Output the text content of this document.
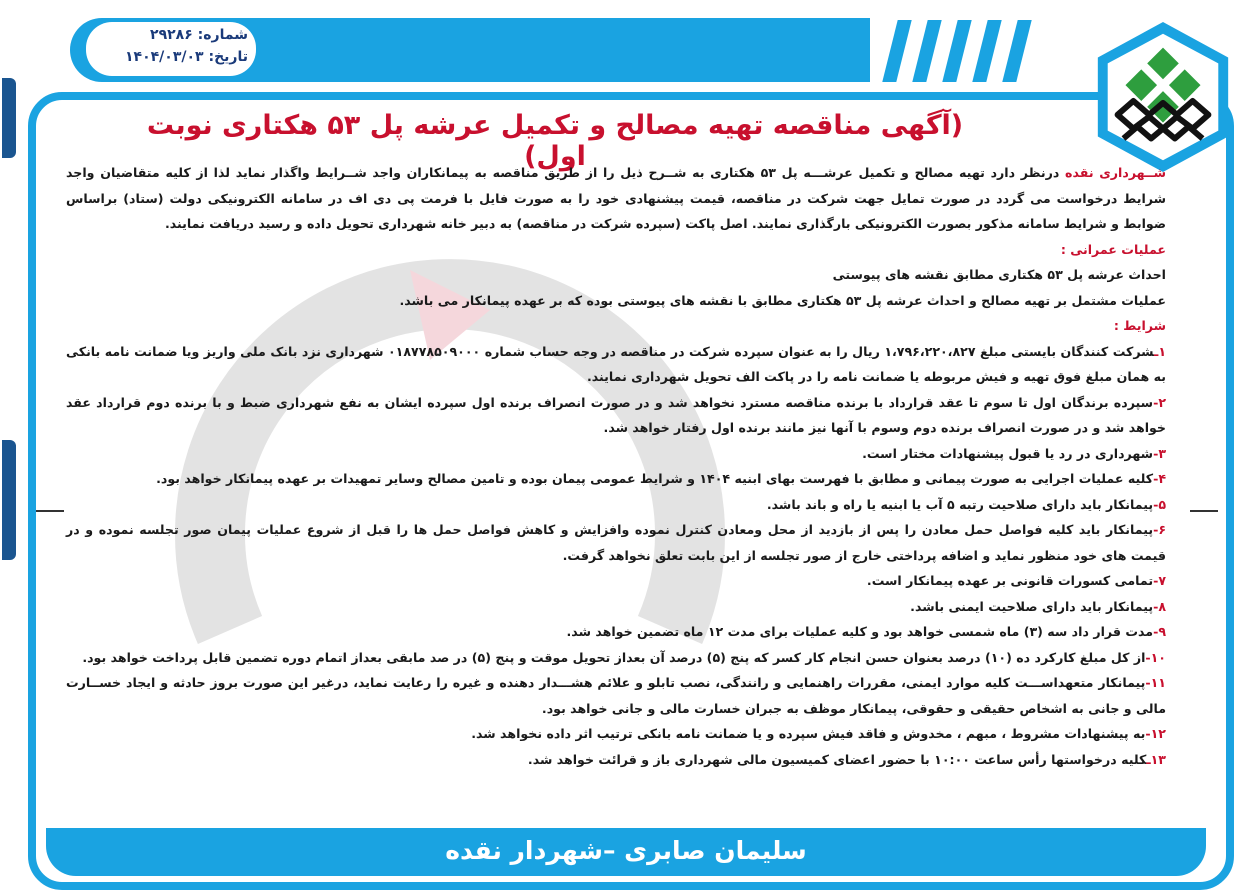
شماره: ۲۹۲۸۶
تاریخ: ۱۴۰۴/۰۳/۰۳
(آگهی مناقصه تهیه مصالح و تکمیل عرشه پل ۵۳ هکتاری نوبت اول)

شــهرداری نقده درنظر دارد تهیه مصالح و تکمیل عرشـــه پل ۵۳ هکتاری به شــرح ذیل را از طریق مناقصه به پیمانکاران واجد شــرایط واگذار نماید لذا از کلیه متقاضیان واجد شرایط درخواست می گردد در صورت تمایل جهت شرکت در مناقصه، قیمت پیشنهادی خود را به صورت فایل با فرمت پی دی اف در سامانه الکترونیکی دولت (ستاد) براساس ضوابط و شرایط سامانه مذکور بصورت الکترونیکی بارگذاری نمایند. اصل پاکت (سپرده شرکت در مناقصه) به دبیر خانه شهرداری تحویل داده و رسید دریافت نمایند.

عملیات عمرانی :

احداث عرشه پل ۵۳ هکتاری مطابق نقشه های پیوستی

عملیات مشتمل بر تهیه مصالح و احداث عرشه پل ۵۳ هکتاری مطابق با نقشه های پیوستی بوده که بر عهده پیمانکار می باشد.

شرایط :

۱ـشرکت کنندگان بایستی مبلغ ۱،۷۹۶،۲۲۰،۸۲۷ ریال را به عنوان سپرده شرکت در مناقصه در وجه حساب شماره ۰۱۸۷۷۸۵۰۹۰۰۰ شهرداری نزد بانک ملی واریز ویا ضمانت نامه بانکی به همان مبلغ فوق تهیه و فیش مربوطه یا ضمانت نامه را در پاکت الف تحویل شهرداری نمایند.

۲-سپرده برندگان اول تا سوم تا عقد قرارداد با برنده مناقصه مسترد نخواهد شد و در صورت انصراف برنده اول سپرده ایشان به نفع شهرداری ضبط و با برنده دوم قرارداد عقد خواهد شد و در صورت انصراف برنده دوم وسوم با آنها نیز مانند برنده اول رفتار خواهد شد.

۳-شهرداری در رد یا قبول پیشنهادات مختار است.

۴-کلیه عملیات اجرایی به صورت پیمانی و مطابق با فهرست بهای ابنیه ۱۴۰۴ و شرایط عمومی پیمان بوده و تامین مصالح وسایر تمهیدات بر عهده پیمانکار خواهد بود.

۵-پیمانکار باید دارای صلاحیت رتبه ۵ آب یا ابنیه یا راه و باند باشد.

۶-پیمانکار باید کلیه فواصل حمل معادن را پس از بازدید از محل ومعادن کنترل نموده وافزایش و کاهش فواصل حمل ها را قبل از شروع عملیات پیمان صور تجلسه نموده و در قیمت های خود منظور نماید و اضافه پرداختی خارج از صور تجلسه از این بابت تعلق نخواهد گرفت.

۷-تمامی کسورات قانونی بر عهده پیمانکار است.

۸-پیمانکار باید دارای صلاحیت ایمنی باشد.

۹-مدت قرار داد سه (۳) ماه شمسی خواهد بود و کلیه عملیات برای مدت ۱۲ ماه تضمین خواهد شد.

۱۰-از کل مبلغ کارکرد ده (۱۰) درصد بعنوان حسن انجام کار کسر که پنج (۵) درصد آن بعداز تحویل موقت و پنج (۵) در صد مابقی بعداز اتمام دوره تضمین قابل پرداخت خواهد بود.

۱۱-پیمانکار متعهداســـت کلیه موارد ایمنی، مقررات راهنمایی و رانندگی، نصب تابلو و علائم هشـــدار دهنده و غیره را رعایت نماید، درغیر این صورت بروز حادثه و ایجاد خســارت مالی و جانی به اشخاص حقیقی و حقوقی، پیمانکار موظف به جبران خسارت مالی و جانی خواهد بود.

۱۲-به پیشنهادات مشروط ، مبهم ، مخدوش و فاقد فیش سپرده و یا ضمانت نامه بانکی ترتیب اثر داده نخواهد شد.

۱۳ـکلیه درخواستها رأس ساعت ۱۰:۰۰ با حضور اعضای کمیسیون مالی شهرداری باز و قرائت خواهد شد.

سلیمان صابری –شهردار نقده
